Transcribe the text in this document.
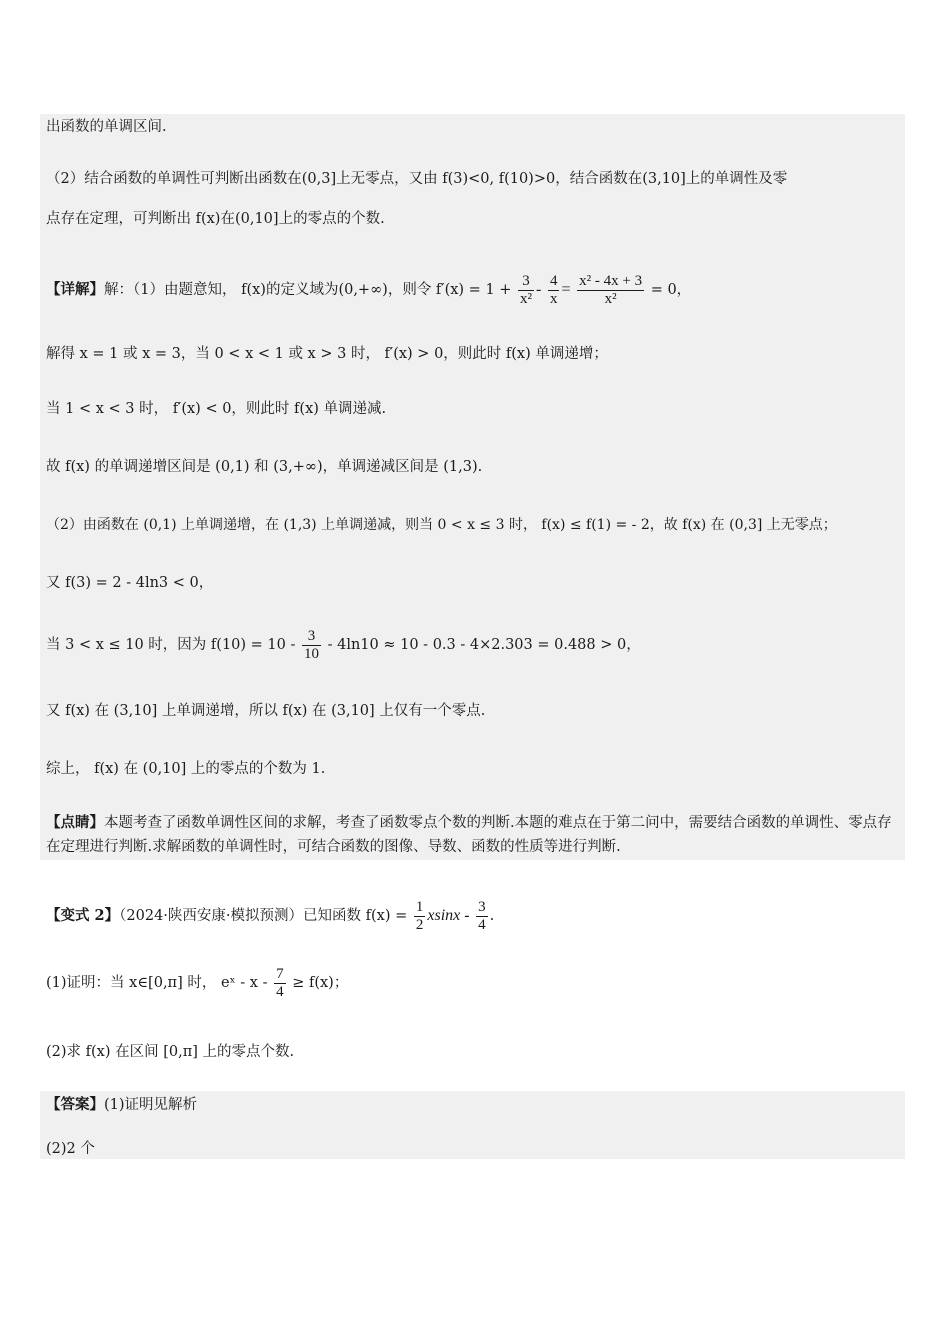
出函数的单调区间.
（2）结合函数的单调性可判断出函数在(0,3]上无零点，又由 f(3)<0, f(10)>0，结合函数在(3,10]上的单调性及零
点存在定理，可判断出 f(x)在(0,10]上的零点的个数.
【详解】解：（1）由题意知， f(x)的定义域为(0,+∞)，则令 $f'(x) = 1 + \frac{3}{\text{x²}} - \frac{4}{x} = \frac{\text{x² - 4x + 3}}{\text{x²}} = 0$，
解得 x = 1 或 x = 3，当 0 < x < 1 或 x > 3 时， f′(x) > 0，则此时 f(x) 单调递增；
当 1 < x < 3 时， f′(x) < 0，则此时 f(x) 单调递减.
故 f(x) 的单调递增区间是 (0,1) 和 (3,+∞)，单调递减区间是 (1,3).
（2）由函数在 (0,1) 上单调递增，在 (1,3) 上单调递减，则当 0 < x ≤ 3 时， f(x) ≤ f(1) = - 2，故 f(x) 在 (0,3] 上无零点；
又 f(3) = 2 - 4ln3 < 0，
当 3 < x ≤ 10 时，因为 $f(10) = 10 - \frac{3}{10} - 4\ln 10 \approx 10 - 0.3 - 4\times 2.303 = 0.488 > 0$，
又 f(x) 在 (3,10] 上单调递增，所以 f(x) 在 (3,10] 上仅有一个零点.
综上， f(x) 在 (0,10] 上的零点的个数为 1.
【点睛】本题考查了函数单调性区间的求解，考查了函数零点个数的判断.本题的难点在于第二问中，需要结合函数的单调性、零点存在定理进行判断.求解函数的单调性时，可结合函数的图像、导数、函数的性质等进行判断.
【变式 2】（2024·陕西安康·模拟预测）已知函数 $f(x) = \frac{1}{2}$ xsinx - $\frac{3}{4}$ .
(1)证明：当 x∈[0,π] 时， eˣ - $x - \frac{7}{4} \ge f(x)$；
(2)求 f(x) 在区间 [0,π] 上的零点个数.
【答案】(1)证明见解析
(2)2 个
